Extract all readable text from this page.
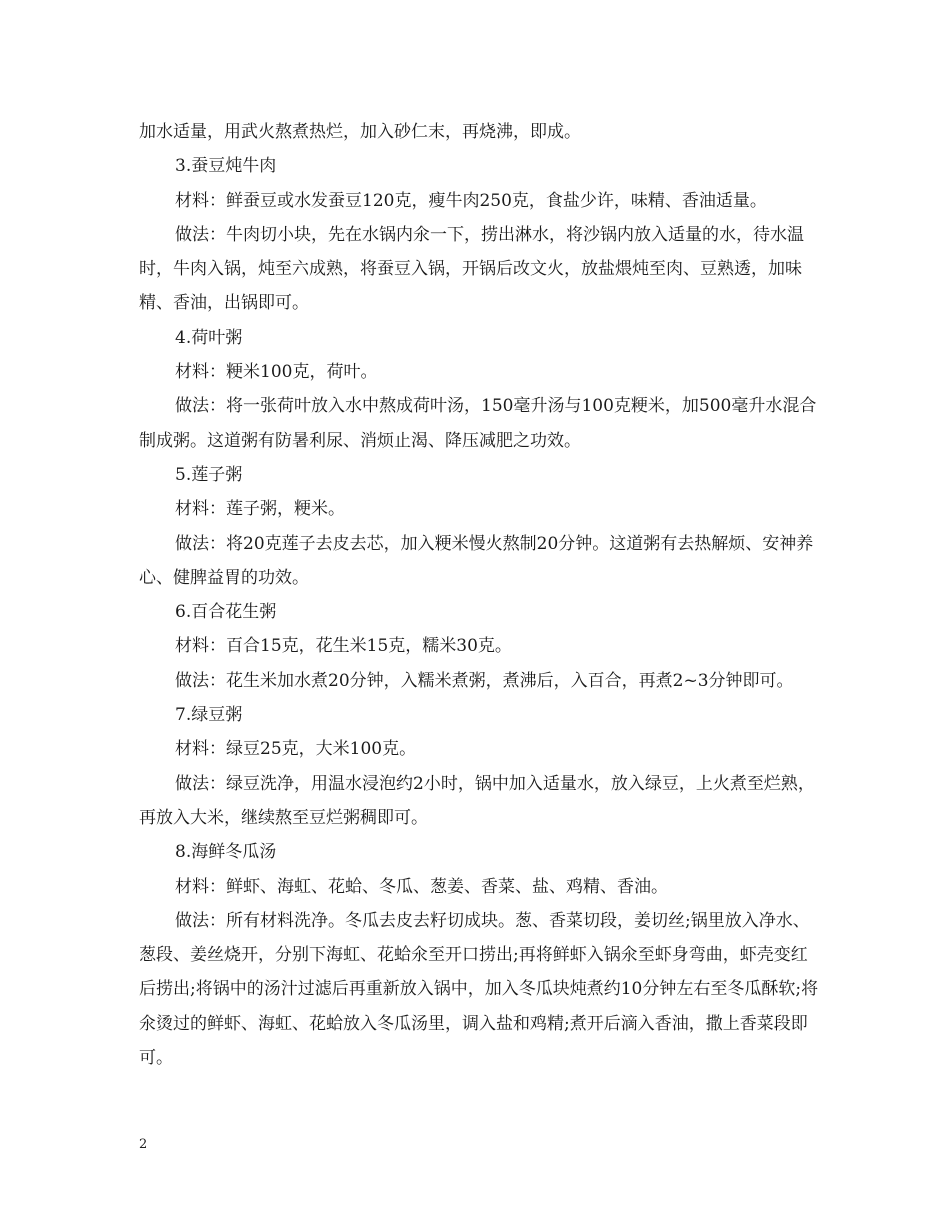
加水适量，用武火熬煮热烂，加入砂仁末，再烧沸，即成。

3.蚕豆炖牛肉

材料：鲜蚕豆或水发蚕豆120克，瘦牛肉250克，食盐少许，味精、香油适量。

做法：牛肉切小块，先在水锅内氽一下，捞出淋水，将沙锅内放入适量的水，待水温时，牛肉入锅，炖至六成熟，将蚕豆入锅，开锅后改文火，放盐煨炖至肉、豆熟透，加味精、香油，出锅即可。

4.荷叶粥

材料：粳米100克，荷叶。

做法：将一张荷叶放入水中熬成荷叶汤，150毫升汤与100克粳米，加500毫升水混合制成粥。这道粥有防暑利尿、消烦止渴、降压减肥之功效。

5.莲子粥

材料：莲子粥，粳米。

做法：将20克莲子去皮去芯，加入粳米慢火熬制20分钟。这道粥有去热解烦、安神养心、健脾益胃的功效。

6.百合花生粥

材料：百合15克，花生米15克，糯米30克。

做法：花生米加水煮20分钟，入糯米煮粥，煮沸后，入百合，再煮2~3分钟即可。

7.绿豆粥

材料：绿豆25克，大米100克。

做法：绿豆洗净，用温水浸泡约2小时，锅中加入适量水，放入绿豆，上火煮至烂熟，再放入大米，继续熬至豆烂粥稠即可。

8.海鲜冬瓜汤

材料：鲜虾、海虹、花蛤、冬瓜、葱姜、香菜、盐、鸡精、香油。

做法：所有材料洗净。冬瓜去皮去籽切成块。葱、香菜切段，姜切丝;锅里放入净水、葱段、姜丝烧开，分别下海虹、花蛤氽至开口捞出;再将鲜虾入锅氽至虾身弯曲，虾壳变红后捞出;将锅中的汤汁过滤后再重新放入锅中，加入冬瓜块炖煮约10分钟左右至冬瓜酥软;将氽烫过的鲜虾、海虹、花蛤放入冬瓜汤里，调入盐和鸡精;煮开后滴入香油，撒上香菜段即可。

2
